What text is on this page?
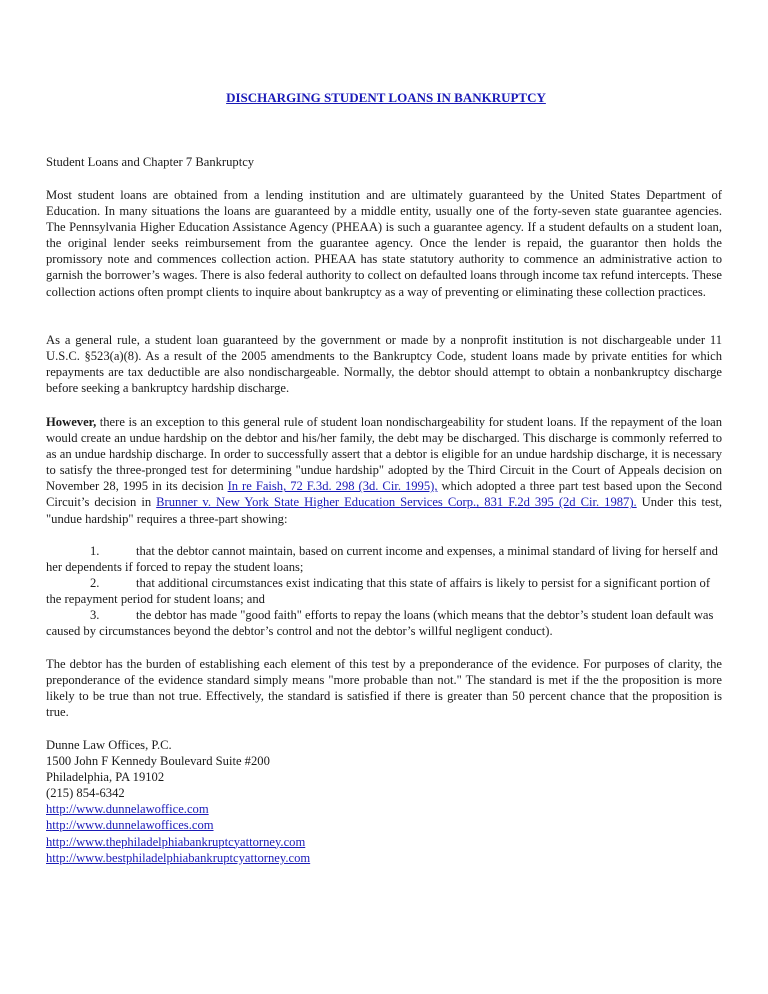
DISCHARGING STUDENT LOANS IN BANKRUPTCY
Student Loans and Chapter 7 Bankruptcy

Most student loans are obtained from a lending institution and are ultimately guaranteed by the United States Department of Education. In many situations the loans are guaranteed by a middle entity, usually one of the forty-seven state guarantee agencies. The Pennsylvania Higher Education Assistance Agency (PHEAA) is such a guarantee agency. If a student defaults on a student loan, the original lender seeks reimbursement from the guarantee agency. Once the lender is repaid, the guarantor then holds the promissory note and commences collection action. PHEAA has state statutory authority to commence an administrative action to garnish the borrower’s wages. There is also federal authority to collect on defaulted loans through income tax refund intercepts. These collection actions often prompt clients to inquire about bankruptcy as a way of preventing or eliminating these collection practices.

As a general rule, a student loan guaranteed by the government or made by a nonprofit institution is not dischargeable under 11 U.S.C. §523(a)(8). As a result of the 2005 amendments to the Bankruptcy Code, student loans made by private entities for which repayments are tax deductible are also nondischargeable. Normally, the debtor should attempt to obtain a nonbankruptcy discharge before seeking a bankruptcy hardship discharge.

However, there is an exception to this general rule of student loan nondischargeability for student loans. If the repayment of the loan would create an undue hardship on the debtor and his/her family, the debt may be discharged. This discharge is commonly referred to as an undue hardship discharge. In order to successfully assert that a debtor is eligible for an undue hardship discharge, it is necessary to satisfy the three-pronged test for determining "undue hardship" adopted by the Third Circuit in the Court of Appeals decision on November 28, 1995 in its decision In re Faish, 72 F.3d. 298 (3d. Cir. 1995), which adopted a three part test based upon the Second Circuit’s decision in Brunner v. New York State Higher Education Services Corp., 831 F.2d 395 (2d Cir. 1987). Under this test, "undue hardship" requires a three-part showing:

1.	that the debtor cannot maintain, based on current income and expenses, a minimal standard of living for herself and her dependents if forced to repay the student loans;
2.	that additional circumstances exist indicating that this state of affairs is likely to persist for a significant portion of the repayment period for student loans; and
3.	the debtor has made "good faith" efforts to repay the loans (which means that the debtor’s student loan default was caused by circumstances beyond the debtor’s control and not the debtor’s willful negligent conduct).

The debtor has the burden of establishing each element of this test by a preponderance of the evidence. For purposes of clarity, the preponderance of the evidence standard simply means "more probable than not." The standard is met if the the proposition is more likely to be true than not true. Effectively, the standard is satisfied if there is greater than 50 percent chance that the proposition is true.

Dunne Law Offices, P.C.
1500 John F Kennedy Boulevard Suite #200
Philadelphia, PA 19102
(215) 854-6342
http://www.dunnelawoffice.com
http://www.dunnelawoffices.com
http://www.thephiladelphiabankruptcyattorney.com
http://www.bestphiladelphiabankruptcyattorney.com
